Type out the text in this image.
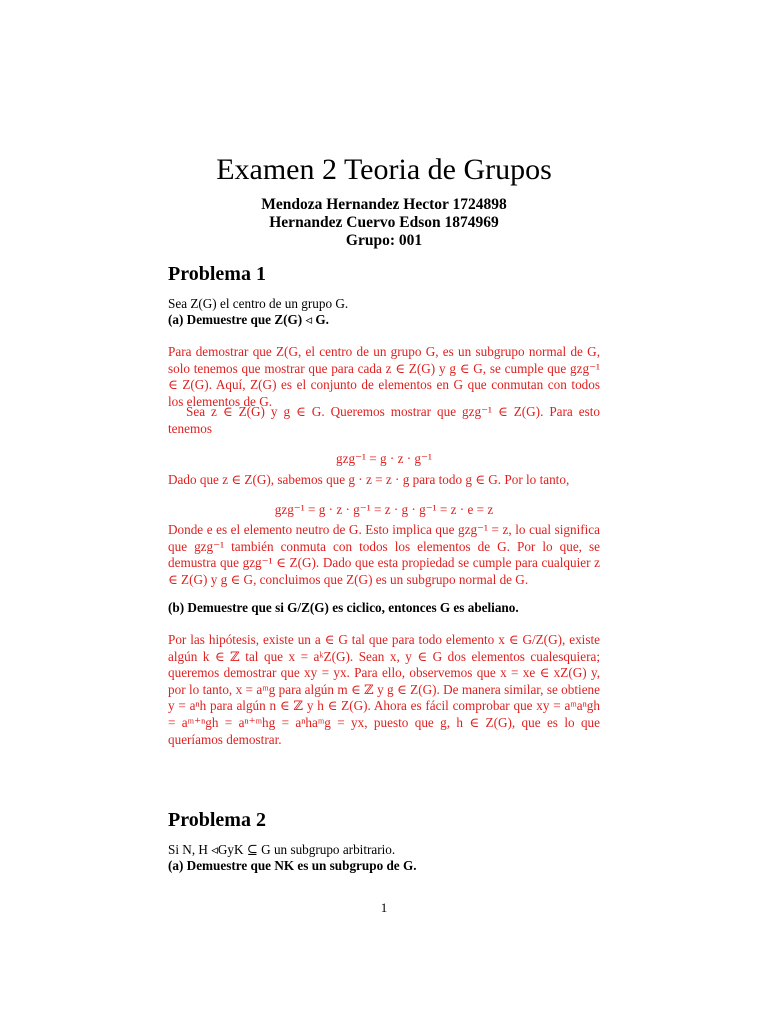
Examen 2 Teoria de Grupos
Mendoza Hernandez Hector 1724898
Hernandez Cuervo Edson 1874969
Grupo: 001
Problema 1
Sea Z(G) el centro de un grupo G.
(a) Demuestre que Z(G) ◃ G.
Para demostrar que Z(G, el centro de un grupo G, es un subgrupo normal de G, solo tenemos que mostrar que para cada z ∈ Z(G) y g ∈ G, se cumple que gzg⁻¹ ∈ Z(G). Aquí, Z(G) es el conjunto de elementos en G que conmutan con todos los elementos de G.
Sea z ∈ Z(G) y g ∈ G. Queremos mostrar que gzg⁻¹ ∈ Z(G). Para esto tenemos
gzg⁻¹ = g · z · g⁻¹
Dado que z ∈ Z(G), sabemos que g · z = z · g para todo g ∈ G. Por lo tanto,
gzg⁻¹ = g · z · g⁻¹ = z · g · g⁻¹ = z · e = z
Donde e es el elemento neutro de G. Esto implica que gzg⁻¹ = z, lo cual significa que gzg⁻¹ también conmuta con todos los elementos de G. Por lo que, se demustra que gzg⁻¹ ∈ Z(G). Dado que esta propiedad se cumple para cualquier z ∈ Z(G) y g ∈ G, concluimos que Z(G) es un subgrupo normal de G.
(b) Demuestre que si G/Z(G) es ciclico, entonces G es abeliano.
Por las hipótesis, existe un a ∈ G tal que para todo elemento x ∈ G/Z(G), existe algún k ∈ ℤ tal que x = aᵏZ(G). Sean x, y ∈ G dos elementos cualesquiera; queremos demostrar que xy = yx. Para ello, observemos que x = xe ∈ xZ(G) y, por lo tanto, x = aᵐg para algún m ∈ ℤ y g ∈ Z(G). De manera similar, se obtiene y = aⁿh para algún n ∈ ℤ y h ∈ Z(G). Ahora es fácil comprobar que xy = aᵐaⁿgh = aᵐ⁺ⁿgh = aⁿ⁺ᵐhg = aⁿhaᵐg = yx, puesto que g, h ∈ Z(G), que es lo que queríamos demostrar.
Problema 2
Si N, H ◃GyK ⊆ G un subgrupo arbitrario.
(a) Demuestre que NK es un subgrupo de G.
1
